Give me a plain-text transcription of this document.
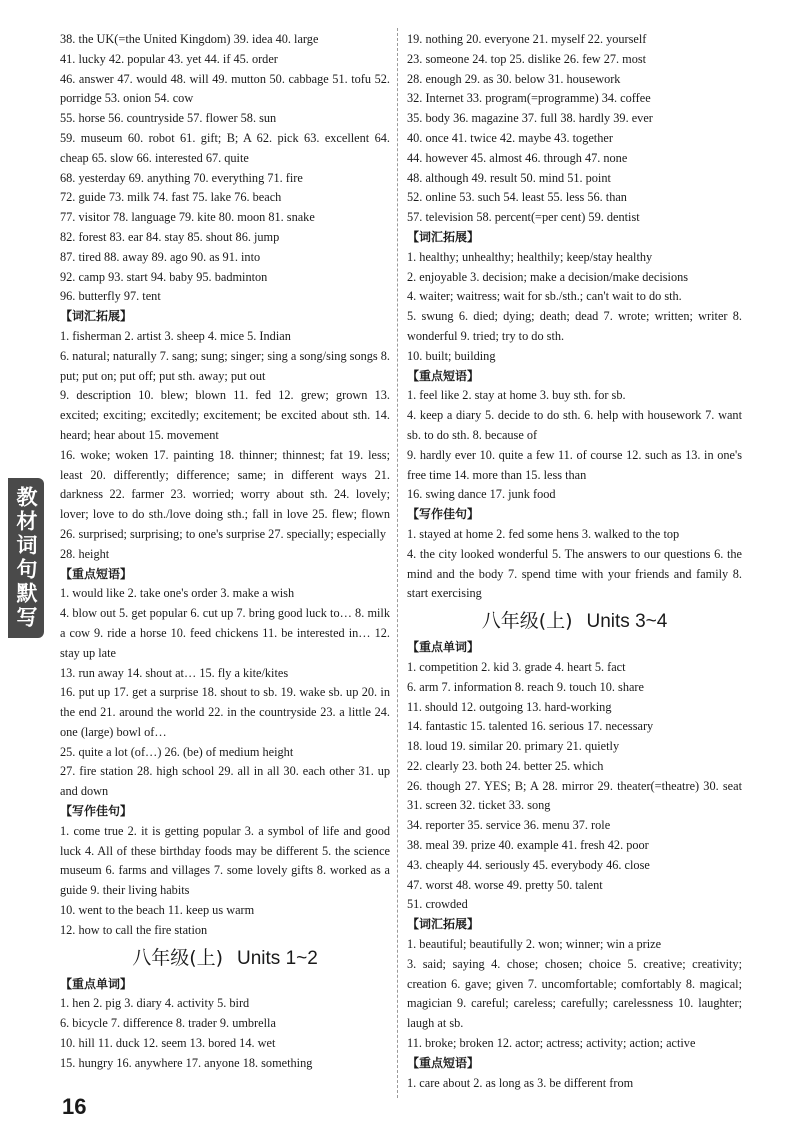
教材词句默写

38. the UK(=the United Kingdom) 39. idea 40. large

41. lucky 42. popular 43. yet 44. if 45. order

46. answer 47. would 48. will 49. mutton 50. cabbage 51. tofu 52. porridge 53. onion 54. cow

55. horse 56. countryside 57. flower 58. sun

59. museum 60. robot 61. gift; B; A 62. pick 63. excellent 64. cheap 65. slow 66. interested 67. quite

68. yesterday 69. anything 70. everything 71. fire

72. guide 73. milk 74. fast 75. lake 76. beach

77. visitor 78. language 79. kite 80. moon 81. snake

82. forest 83. ear 84. stay 85. shout 86. jump

87. tired 88. away 89. ago 90. as 91. into

92. camp 93. start 94. baby 95. badminton

96. butterfly 97. tent

【词汇拓展】

1. fisherman 2. artist 3. sheep 4. mice 5. Indian

6. natural; naturally 7. sang; sung; singer; sing a song/sing songs 8. put; put on; put off; put sth. away; put out

9. description 10. blew; blown 11. fed 12. grew; grown 13. excited; exciting; excitedly; excitement; be excited about sth. 14. heard; hear about 15. movement

16. woke; woken 17. painting 18. thinner; thinnest; fat 19. less; least 20. differently; difference; same; in different ways 21. darkness 22. farmer 23. worried; worry about sth. 24. lovely; lover; love to do sth./love doing sth.; fall in love 25. flew; flown 26. surprised; surprising; to one's surprise 27. specially; especially

28. height

【重点短语】

1. would like 2. take one's order 3. make a wish

4. blow out 5. get popular 6. cut up 7. bring good luck to… 8. milk a cow 9. ride a horse 10. feed chickens 11. be interested in… 12. stay up late

13. run away 14. shout at… 15. fly a kite/kites

16. put up 17. get a surprise 18. shout to sb. 19. wake sb. up 20. in the end 21. around the world 22. in the countryside 23. a little 24. one (large) bowl of…

25. quite a lot (of…) 26. (be) of medium height

27. fire station 28. high school 29. all in all 30. each other 31. up and down

【写作佳句】

1. come true 2. it is getting popular 3. a symbol of life and good luck 4. All of these birthday foods may be different 5. the science museum 6. farms and villages 7. some lovely gifts 8. worked as a guide 9. their living habits

10. went to the beach 11. keep us warm

12. how to call the fire station

八年级(上) Units 1~2

【重点单词】

1. hen 2. pig 3. diary 4. activity 5. bird

6. bicycle 7. difference 8. trader 9. umbrella

10. hill 11. duck 12. seem 13. bored 14. wet

15. hungry 16. anywhere 17. anyone 18. something

19. nothing 20. everyone 21. myself 22. yourself

23. someone 24. top 25. dislike 26. few 27. most

28. enough 29. as 30. below 31. housework

32. Internet 33. program(=programme) 34. coffee

35. body 36. magazine 37. full 38. hardly 39. ever

40. once 41. twice 42. maybe 43. together

44. however 45. almost 46. through 47. none

48. although 49. result 50. mind 51. point

52. online 53. such 54. least 55. less 56. than

57. television 58. percent(=per cent) 59. dentist

【词汇拓展】

1. healthy; unhealthy; healthily; keep/stay healthy

2. enjoyable 3. decision; make a decision/make decisions

4. waiter; waitress; wait for sb./sth.; can't wait to do sth.

5. swung 6. died; dying; death; dead 7. wrote; written; writer 8. wonderful 9. tried; try to do sth.

10. built; building

【重点短语】

1. feel like 2. stay at home 3. buy sth. for sb.

4. keep a diary 5. decide to do sth. 6. help with housework 7. want sb. to do sth. 8. because of

9. hardly ever 10. quite a few 11. of course 12. such as 13. in one's free time 14. more than 15. less than

16. swing dance 17. junk food

【写作佳句】

1. stayed at home 2. fed some hens 3. walked to the top

4. the city looked wonderful 5. The answers to our questions 6. the mind and the body 7. spend time with your friends and family 8. start exercising

八年级(上) Units 3~4

【重点单词】

1. competition 2. kid 3. grade 4. heart 5. fact

6. arm 7. information 8. reach 9. touch 10. share

11. should 12. outgoing 13. hard-working

14. fantastic 15. talented 16. serious 17. necessary

18. loud 19. similar 20. primary 21. quietly

22. clearly 23. both 24. better 25. which

26. though 27. YES; B; A 28. mirror 29. theater(=theatre) 30. seat 31. screen 32. ticket 33. song

34. reporter 35. service 36. menu 37. role

38. meal 39. prize 40. example 41. fresh 42. poor

43. cheaply 44. seriously 45. everybody 46. close

47. worst 48. worse 49. pretty 50. talent

51. crowded

【词汇拓展】

1. beautiful; beautifully 2. won; winner; win a prize

3. said; saying 4. chose; chosen; choice 5. creative; creativity; creation 6. gave; given 7. uncomfortable; comfortably 8. magical; magician 9. careful; careless; carefully; carelessness 10. laughter; laugh at sb.

11. broke; broken 12. actor; actress; activity; action; active

【重点短语】

1. care about 2. as long as 3. be different from

16
